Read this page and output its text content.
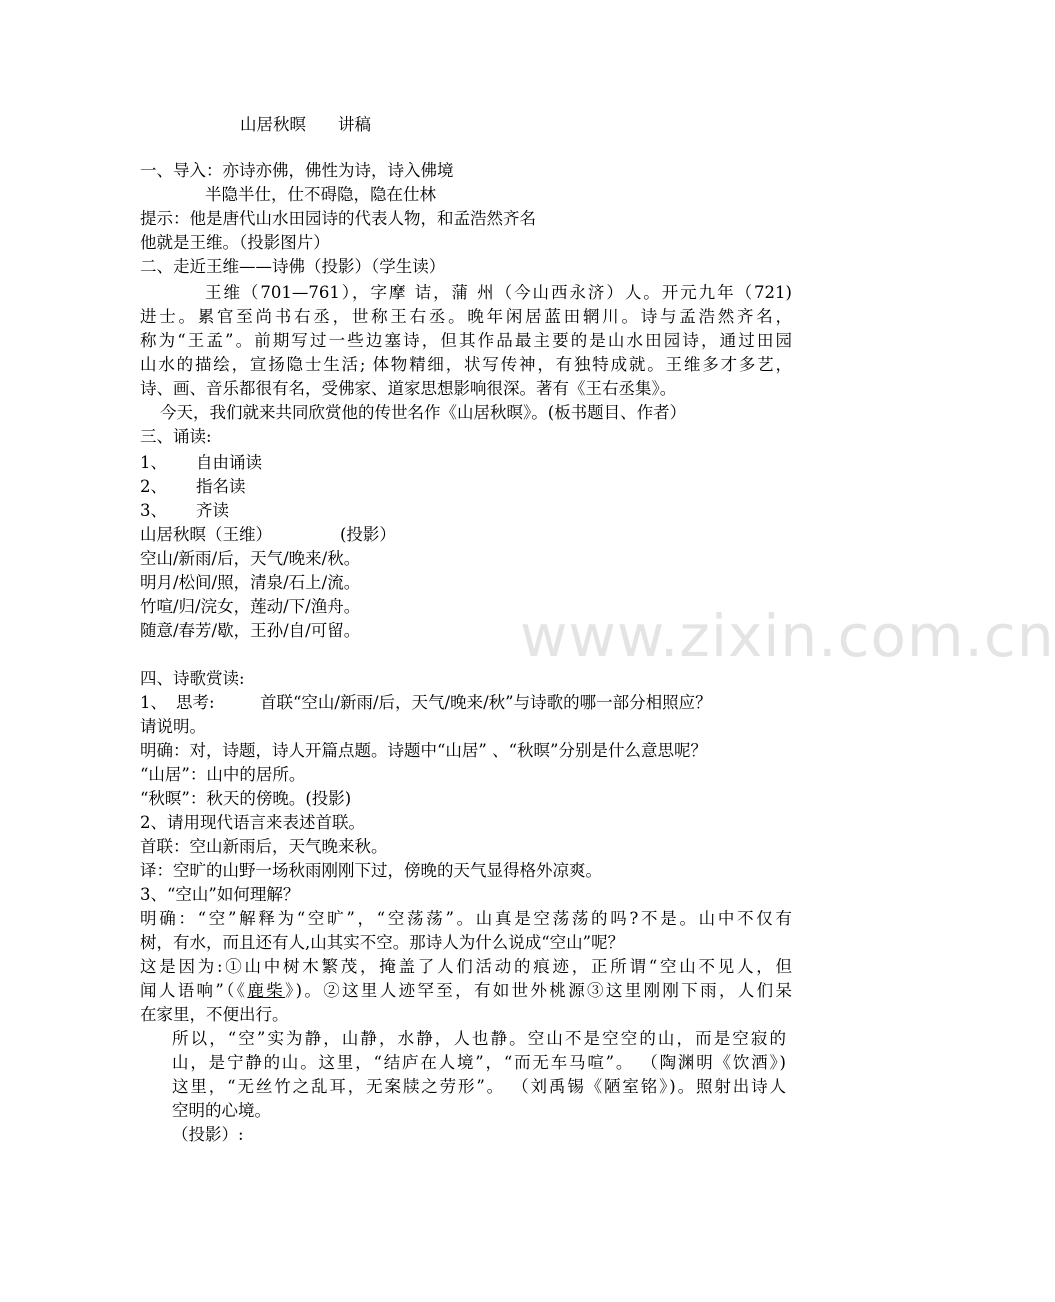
山居秋暝 讲稿
一、导入：亦诗亦佛，佛性为诗，诗入佛境
半隐半仕，仕不碍隐，隐在仕林
提示：他是唐代山水田园诗的代表人物，和孟浩然齐名
他就是王维。（投影图片）
二、走近王维——诗佛（投影）（学生读）
王维（701—761），字摩 诘，蒲 州（今山西永济）人。开元九年（721)
进士。累官至尚书右丞，世称王右丞。晚年闲居蓝田辋川。诗与孟浩然齐名，
称为“王孟”。前期写过一些边塞诗，但其作品最主要的是山水田园诗，通过田园
山水的描绘，宣扬隐士生活; 体物精细，状写传神，有独特成就。王维多才多艺，
诗、画、音乐都很有名，受佛家、道家思想影响很深。著有《王右丞集》。
今天，我们就来共同欣赏他的传世名作《山居秋暝》。(板书题目、作者）
三、诵读:
1、 自由诵读
2、 指名读
3、 齐读
山居秋暝（王维）	(投影）
空山/新雨/后，天气/晚来/秋。
明月/松间/照，清泉/石上/流。
竹喧/归/浣女，莲动/下/渔舟。
随意/春芳/歇，王孙/自/可留。
四、诗歌赏读:
1、 思考:	首联“空山/新雨/后，天气/晚来/秋”与诗歌的哪一部分相照应？
请说明。
明确：对，诗题，诗人开篇点题。诗题中“山居” 、“秋暝”分别是什么意思呢？
“山居”：山中的居所。
“秋暝”：秋天的傍晚。(投影)
2、请用现代语言来表述首联。
首联：空山新雨后，天气晚来秋。
译：空旷的山野一场秋雨刚刚下过，傍晚的天气显得格外凉爽。
3、“空山”如何理解？
明确：“空”解释为“空旷”，“空荡荡”。山真是空荡荡的吗?不是。山中不仅有
树，有水，而且还有人,山其实不空。那诗人为什么说成“空山”呢？
这是因为:①山中树木繁茂，掩盖了人们活动的痕迹，正所谓“空山不见人，但
闻人语响”（《鹿柴》)。②这里人迹罕至，有如世外桃源③这里刚刚下雨，人们呆
在家里，不便出行。
所以，“空”实为静，山静，水静，人也静。空山不是空空的山，而是空寂的
山，是宁静的山。这里，“结庐在人境”，“而无车马喧”。 （陶渊明《饮酒》)
这里，“无丝竹之乱耳，无案牍之劳形”。 （刘禹锡《陋室铭》)。照射出诗人
空明的心境。
（投影）:
www.zixin.com.cn
